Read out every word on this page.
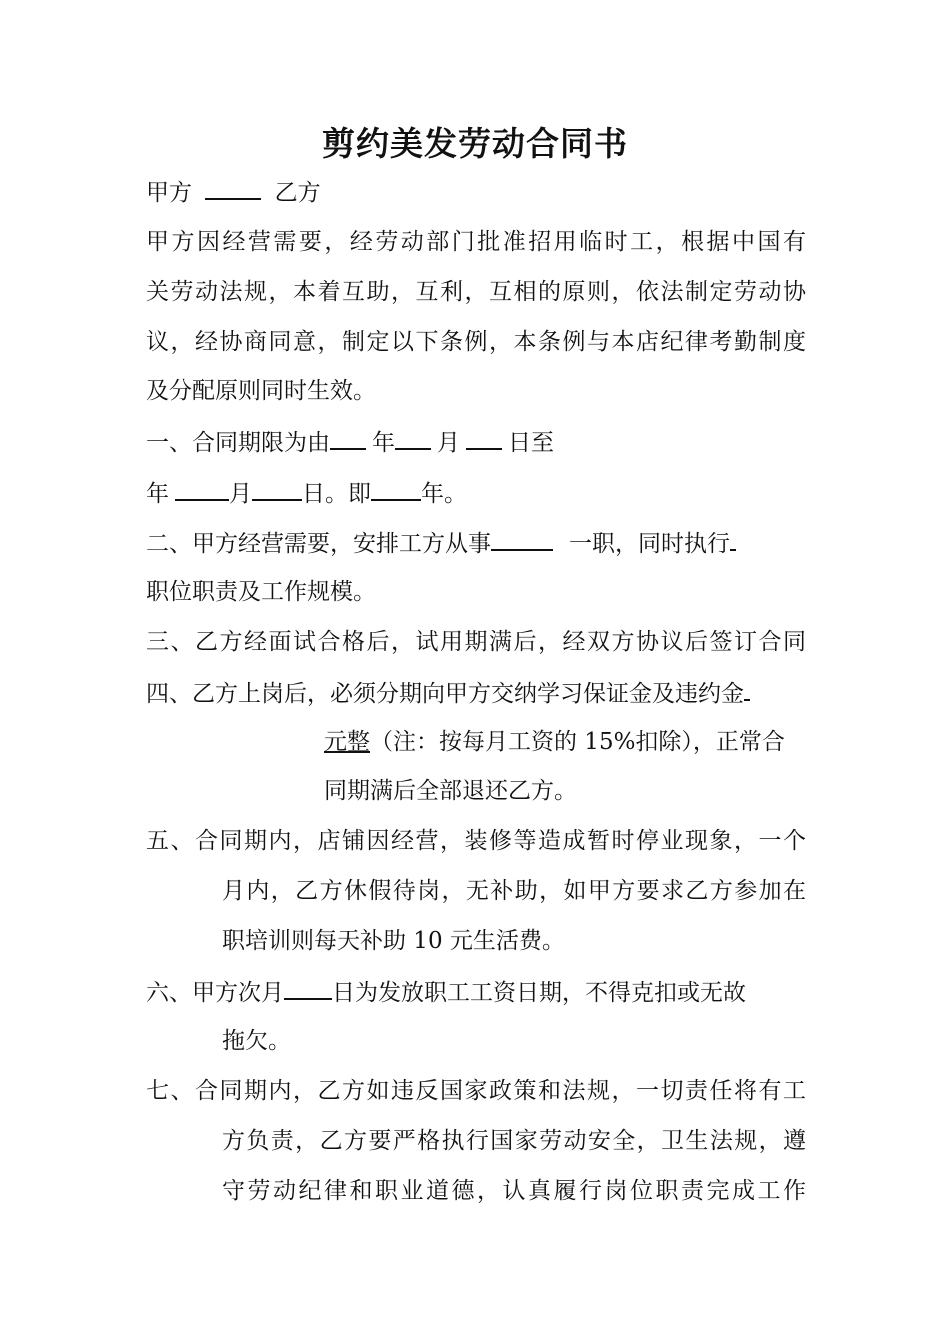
剪约美发劳动合同书
甲方	乙方
甲方因经营需要，经劳动部门批准招用临时工，根据中国有
关劳动法规，本着互助，互利，互相的原则，依法制定劳动协
议，经协商同意，制定以下条例，本条例与本店纪律考勤制度
及分配原则同时生效。
一、合同期限为由 年 月 日至
年	月 日。即 年。
二、甲方经营需要，安排工方从事	一职，同时执行
职位职责及工作规模。
三、乙方经面试合格后，试用期满后，经双方协议后签订合同
四、乙方上岗后，必须分期向甲方交纳学习保证金及违约金
元整（注：按每月工资的 15%扣除），正常合
同期满后全部退还乙方。
五、合同期内，店铺因经营，装修等造成暂时停业现象，一个
月内，乙方休假待岗，无补助，如甲方要求乙方参加在
职培训则每天补助 10 元生活费。
六、甲方次月 日为发放职工工资日期，不得克扣或无故
拖欠。
七、合同期内，乙方如违反国家政策和法规，一切责任将有工
方负责，乙方要严格执行国家劳动安全，卫生法规，遵
守劳动纪律和职业道德，认真履行岗位职责完成工作
